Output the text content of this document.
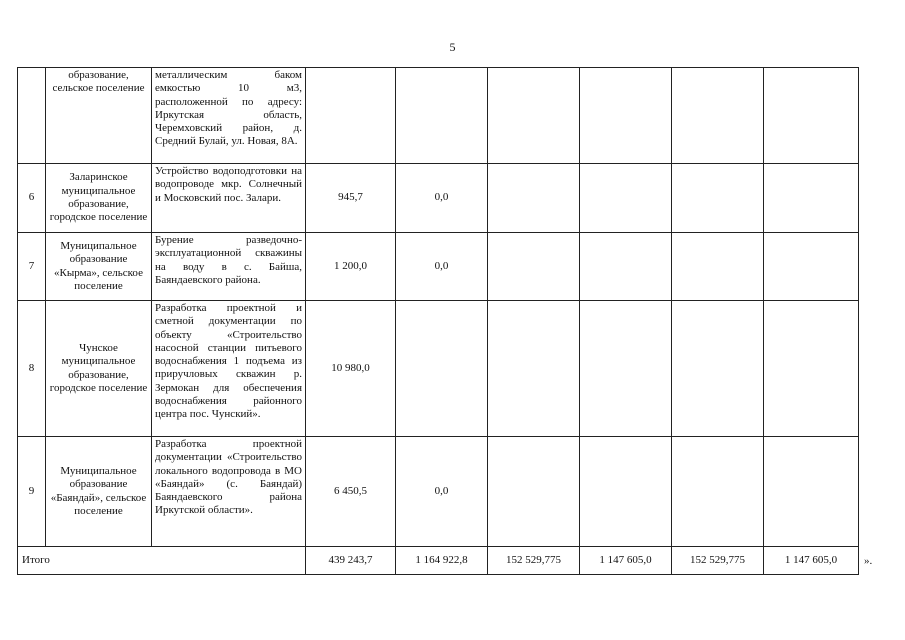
5
	образование, сельское поселение	металлическим баком емкостью 10 м3, расположенной по адресу: Иркутская область, Черемховский район, д. Средний Булай, ул. Новая, 8А.						
6	Заларинское муниципальное образование, городское поселение	Устройство водоподготовки на водопроводе мкр. Солнечный и Московский пос. Залари.	945,7	0,0				
7	Муниципальное образование «Кырма», сельское поселение	Бурение разведочно-эксплуатационной скважины на воду в с. Байша, Баяндаевского района.	1 200,0	0,0				
8	Чунское муниципальное образование, городское поселение	Разработка проектной и сметной документации по объекту «Строительство насосной станции питьевого водоснабжения 1 подъема из приручловых скважин р. Зермокан для обеспечения водоснабжения районного центра пос. Чунский».	10 980,0					
9	Муниципальное образование «Баяндай», сельское поселение	Разработка проектной документации «Строительство локального водопровода в МО «Баяндай» (с. Баяндай) Баяндаевского района Иркутской области».	6 450,5	0,0				
Итого			439 243,7	1 164 922,8	152 529,775	1 147 605,0	152 529,775	1 147 605,0 ».
